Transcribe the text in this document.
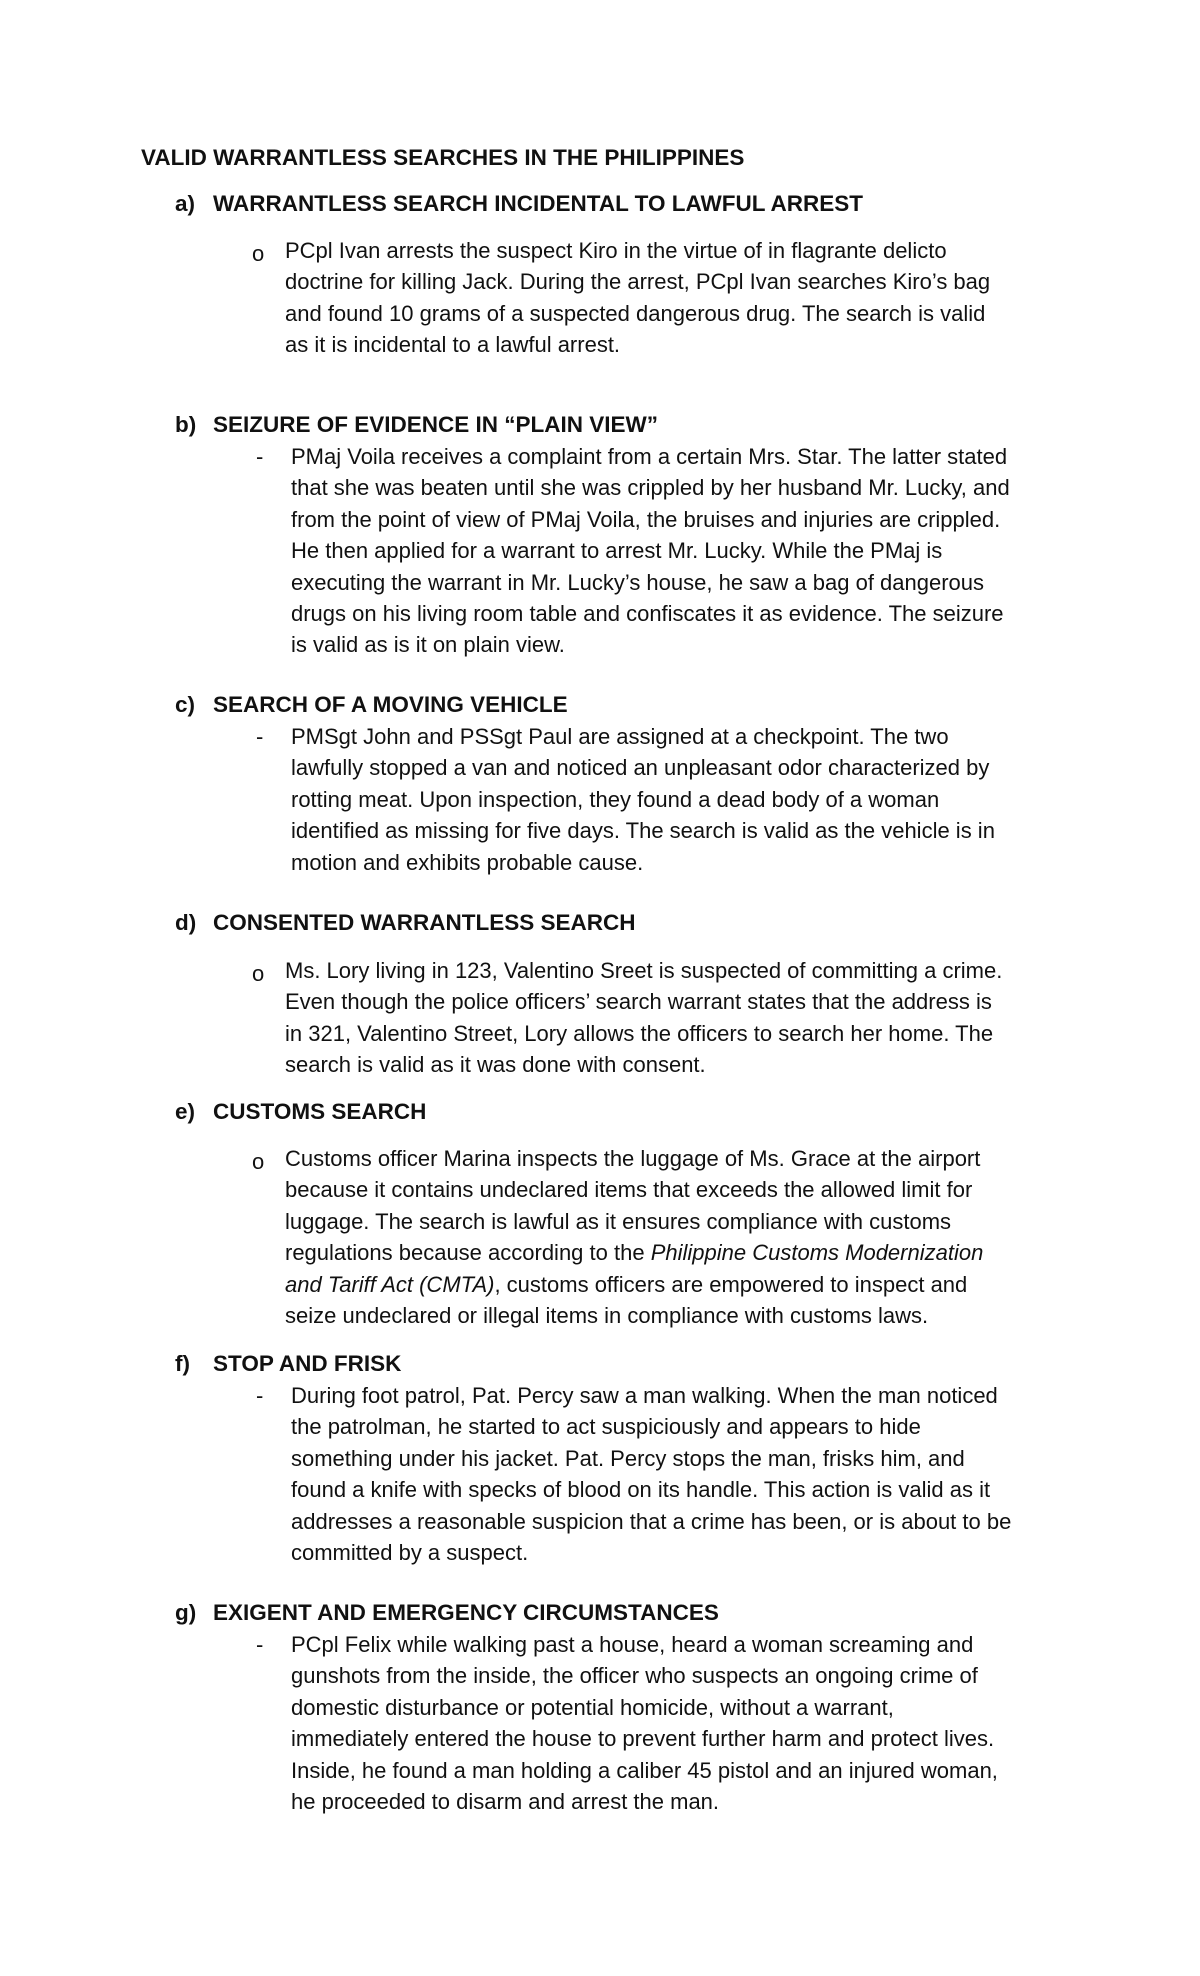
VALID WARRANTLESS SEARCHES IN THE PHILIPPINES
a) WARRANTLESS SEARCH INCIDENTAL TO LAWFUL ARREST
o PCpl Ivan arrests the suspect Kiro in the virtue of in flagrante delicto
doctrine for killing Jack. During the arrest, PCpl Ivan searches Kiro’s bag
and found 10 grams of a suspected dangerous drug. The search is valid
as it is incidental to a lawful arrest.
b) SEIZURE OF EVIDENCE IN “PLAIN VIEW”
- PMaj Voila receives a complaint from a certain Mrs. Star. The latter stated
that she was beaten until she was crippled by her husband Mr. Lucky, and
from the point of view of PMaj Voila, the bruises and injuries are crippled.
He then applied for a warrant to arrest Mr. Lucky. While the PMaj is
executing the warrant in Mr. Lucky’s house, he saw a bag of dangerous
drugs on his living room table and confiscates it as evidence. The seizure
is valid as is it on plain view.
c) SEARCH OF A MOVING VEHICLE
- PMSgt John and PSSgt Paul are assigned at a checkpoint. The two
lawfully stopped a van and noticed an unpleasant odor characterized by
rotting meat. Upon inspection, they found a dead body of a woman
identified as missing for five days. The search is valid as the vehicle is in
motion and exhibits probable cause.
d) CONSENTED WARRANTLESS SEARCH
o Ms. Lory living in 123, Valentino Sreet is suspected of committing a crime.
Even though the police officers’ search warrant states that the address is
in 321, Valentino Street, Lory allows the officers to search her home. The
search is valid as it was done with consent.
e) CUSTOMS SEARCH
o Customs officer Marina inspects the luggage of Ms. Grace at the airport
because it contains undeclared items that exceeds the allowed limit for
luggage. The search is lawful as it ensures compliance with customs
regulations because according to the Philippine Customs Modernization
and Tariff Act (CMTA), customs officers are empowered to inspect and
seize undeclared or illegal items in compliance with customs laws.
f) STOP AND FRISK
- During foot patrol, Pat. Percy saw a man walking. When the man noticed
the patrolman, he started to act suspiciously and appears to hide
something under his jacket. Pat. Percy stops the man, frisks him, and
found a knife with specks of blood on its handle. This action is valid as it
addresses a reasonable suspicion that a crime has been, or is about to be
committed by a suspect.
g) EXIGENT AND EMERGENCY CIRCUMSTANCES
- PCpl Felix while walking past a house, heard a woman screaming and
gunshots from the inside, the officer who suspects an ongoing crime of
domestic disturbance or potential homicide, without a warrant,
immediately entered the house to prevent further harm and protect lives.
Inside, he found a man holding a caliber 45 pistol and an injured woman,
he proceeded to disarm and arrest the man.
